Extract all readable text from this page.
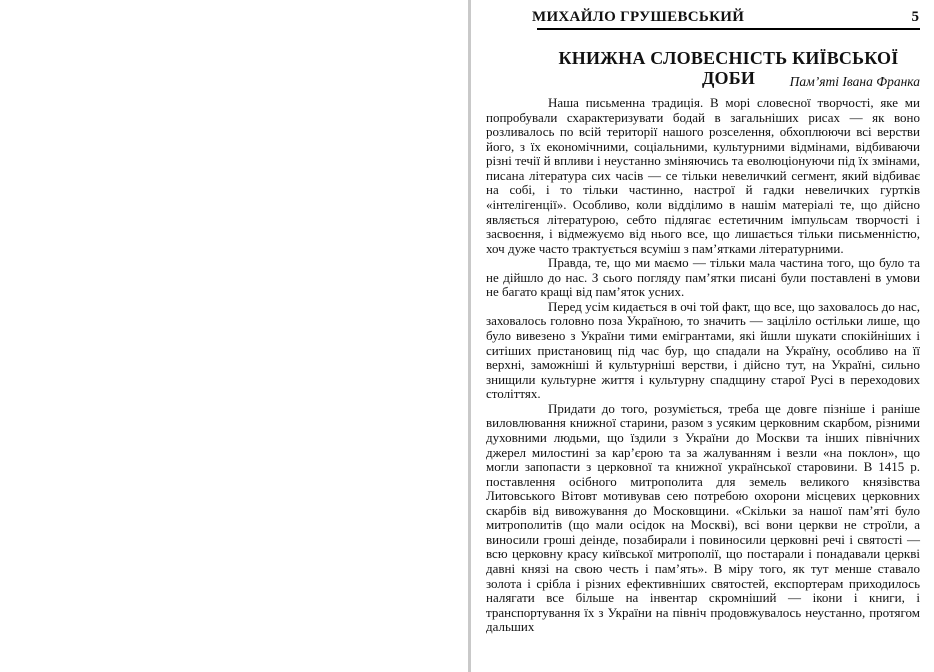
МИХАЙЛО ГРУШЕВСЬКИЙ	5
КНИЖНА СЛОВЕСНІСТЬ КИЇВСЬКОЇ ДОБИ	Пам’яті Івана Франка

Наша письменна традиція. В морі словесної творчості, яке ми попробували схарактеризувати бодай в загальніших рисах — як воно розливалось по всій території нашого розселення, обхоплюючи всі верстви його, з їх економічними, соціальними, культурними відмінами, відбиваючи різні течії й впливи і неустанно зміняючись та еволюціонуючи під їх змінами, писана література сих часів — се тільки невеличкий сегмент, який відбиває на собі, і то тільки частинно, настрої й гадки невеличких гуртків «інтелігенції». Особливо, коли відділимо в нашім матеріалі те, що дійсно являється літературою, себто підлягає естетичним імпульсам творчості і засвоєння, і відмежуємо від нього все, що лишається тільки письменністю, хоч дуже часто трактується всуміш з пам’ятками літературними.

Правда, те, що ми маємо — тільки мала частина того, що було та не дійшло до нас. З сього погляду пам’ятки писані були поставлені в умови не багато кращі від пам’яток усних.

Перед усім кидається в очі той факт, що все, що заховалось до нас, заховалось головно поза Україною, то значить — заціліло остільки лише, що було вивезено з України тими емігрантами, які йшли шукати спокійніших і ситіших пристановищ під час бур, що спадали на Україну, особливо на її верхні, заможніші й культурніші верстви, і дійсно тут, на Україні, сильно знищили культурне життя і культурну спадщину старої Русі в переходових століттях.

Придати до того, розуміється, треба ще довге пізніше і раніше виловлювання книжної старини, разом з усяким церковним скарбом, різними духовними людьми, що їздили з України до Москви та інших північних джерел милостині за кар’єрою та за жалуванням і везли «на поклон», що могли запопасти з церковної та книжної української старовини. В 1415 р. поставлення осібного митрополита для земель великого князівства Литовського Вітовт мотивував сею потребою охорони місцевих церковних скарбів від вивожування до Московщини. «Скільки за нашої пам’яті було митрополитів (що мали осідок на Москві), всі вони церкви не строїли, а виносили гроші деінде, позабирали і повиносили церковні речі і святості — всю церковну красу київської митрополії, що постарали і понадавали церкві давні князі на свою честь і пам’ять». В міру того, як тут менше ставало золота і срібла і різних ефективніших святостей, експортерам приходилось налягати все більше на інвентар скромніший — ікони і книги, і транспортування їх з України на північ продовжувалось неустанно, протягом дальших
